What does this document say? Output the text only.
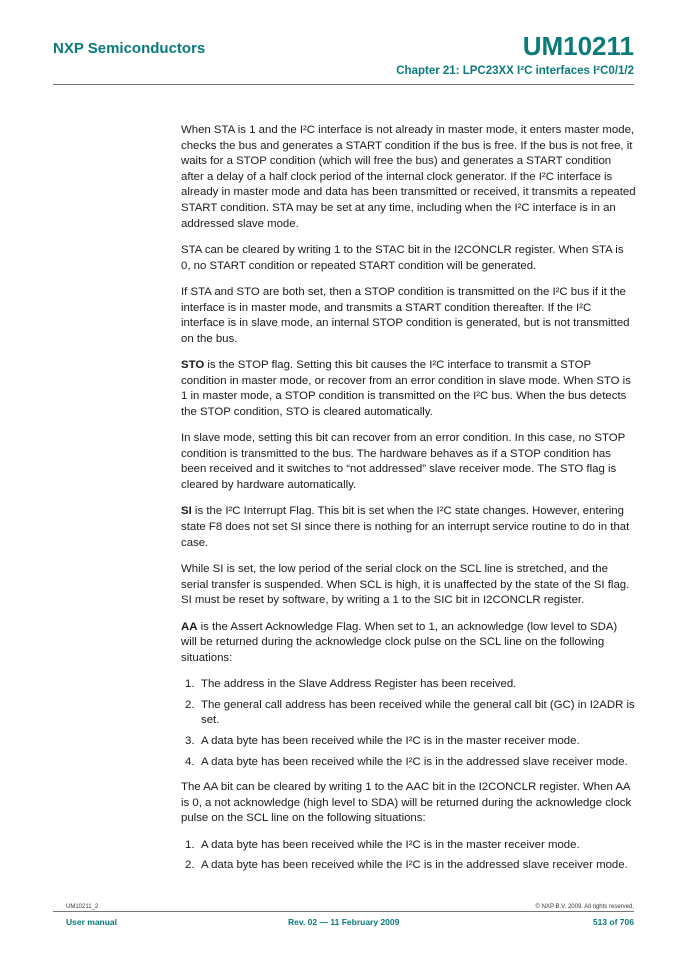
NXP Semiconductors	UM10211
Chapter 21: LPC23XX I²C interfaces I²C0/1/2

When STA is 1 and the I²C interface is not already in master mode, it enters master mode, checks the bus and generates a START condition if the bus is free. If the bus is not free, it waits for a STOP condition (which will free the bus) and generates a START condition after a delay of a half clock period of the internal clock generator. If the I²C interface is already in master mode and data has been transmitted or received, it transmits a repeated START condition. STA may be set at any time, including when the I²C interface is in an addressed slave mode.

STA can be cleared by writing 1 to the STAC bit in the I2CONCLR register. When STA is 0, no START condition or repeated START condition will be generated.

If STA and STO are both set, then a STOP condition is transmitted on the I²C bus if it the interface is in master mode, and transmits a START condition thereafter. If the I²C interface is in slave mode, an internal STOP condition is generated, but is not transmitted on the bus.

STO is the STOP flag. Setting this bit causes the I²C interface to transmit a STOP condition in master mode, or recover from an error condition in slave mode. When STO is 1 in master mode, a STOP condition is transmitted on the I²C bus. When the bus detects the STOP condition, STO is cleared automatically.

In slave mode, setting this bit can recover from an error condition. In this case, no STOP condition is transmitted to the bus. The hardware behaves as if a STOP condition has been received and it switches to “not addressed” slave receiver mode. The STO flag is cleared by hardware automatically.

SI is the I²C Interrupt Flag. This bit is set when the I²C state changes. However, entering state F8 does not set SI since there is nothing for an interrupt service routine to do in that case.

While SI is set, the low period of the serial clock on the SCL line is stretched, and the serial transfer is suspended. When SCL is high, it is unaffected by the state of the SI flag. SI must be reset by software, by writing a 1 to the SIC bit in I2CONCLR register.

AA is the Assert Acknowledge Flag. When set to 1, an acknowledge (low level to SDA) will be returned during the acknowledge clock pulse on the SCL line on the following situations:

1. The address in the Slave Address Register has been received.
2. The general call address has been received while the general call bit (GC) in I2ADR is set.
3. A data byte has been received while the I²C is in the master receiver mode.
4. A data byte has been received while the I²C is in the addressed slave receiver mode.

The AA bit can be cleared by writing 1 to the AAC bit in the I2CONCLR register. When AA is 0, a not acknowledge (high level to SDA) will be returned during the acknowledge clock pulse on the SCL line on the following situations:

1. A data byte has been received while the I²C is in the master receiver mode.
2. A data byte has been received while the I²C is in the addressed slave receiver mode.
UM10211_2	© NXP B.V. 2009. All rights reserved.
User manual	Rev. 02 — 11 February 2009	513 of 706
